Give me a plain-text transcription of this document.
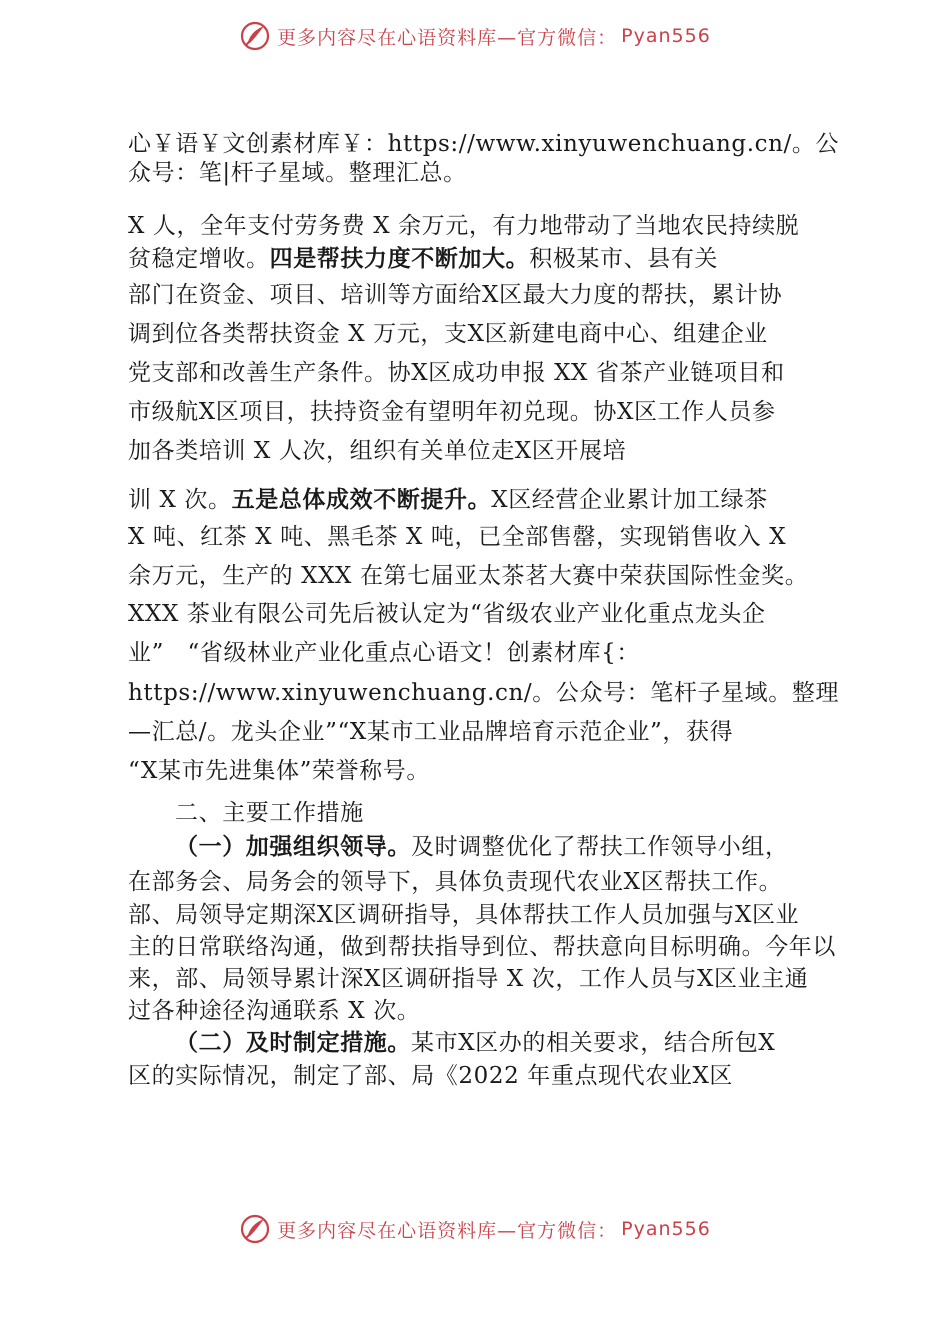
更多内容尽在心语资料库—官方微信： Pyan556
心￥语￥文创素材库￥：https://www.xinyuwenchuang.cn/。公
众号：笔|杆子星域。整理汇总。
X 人，全年支付劳务费 X 余万元，有力地带动了当地农民持续脱
贫稳定增收。四是帮扶力度不断加大。积极某市、县有关
部门在资金、项目、培训等方面给X区最大力度的帮扶，累计协
调到位各类帮扶资金 X 万元，支X区新建电商中心、组建企业
党支部和改善生产条件。协X区成功申报 XX 省茶产业链项目和
市级航X区项目，扶持资金有望明年初兑现。协X区工作人员参
加各类培训 X 人次，组织有关单位走X区开展培
训 X 次。五是总体成效不断提升。X区经营企业累计加工绿茶
X 吨、红茶 X 吨、黑毛茶 X 吨，已全部售罄，实现销售收入 X
余万元，生产的 XXX 在第七届亚太茶茗大赛中荣获国际性金奖。
XXX 茶业有限公司先后被认定为“省级农业产业化重点龙头企
业”　“省级林业产业化重点心语文！创素材库{：
https://www.xinyuwenchuang.cn/。公众号：笔杆子星域。整理
—汇总/。龙头企业”“X某市工业品牌培育示范企业”，获得
“X某市先进集体”荣誉称号。
二、主要工作措施
（一）加强组织领导。及时调整优化了帮扶工作领导小组，
在部务会、局务会的领导下，具体负责现代农业X区帮扶工作。
部、局领导定期深X区调研指导，具体帮扶工作人员加强与X区业
主的日常联络沟通，做到帮扶指导到位、帮扶意向目标明确。今年以
来，部、局领导累计深X区调研指导 X 次，工作人员与X区业主通
过各种途径沟通联系 X 次。
（二）及时制定措施。某市X区办的相关要求，结合所包X
区的实际情况，制定了部、局《2022 年重点现代农业X区
更多内容尽在心语资料库—官方微信： Pyan556
